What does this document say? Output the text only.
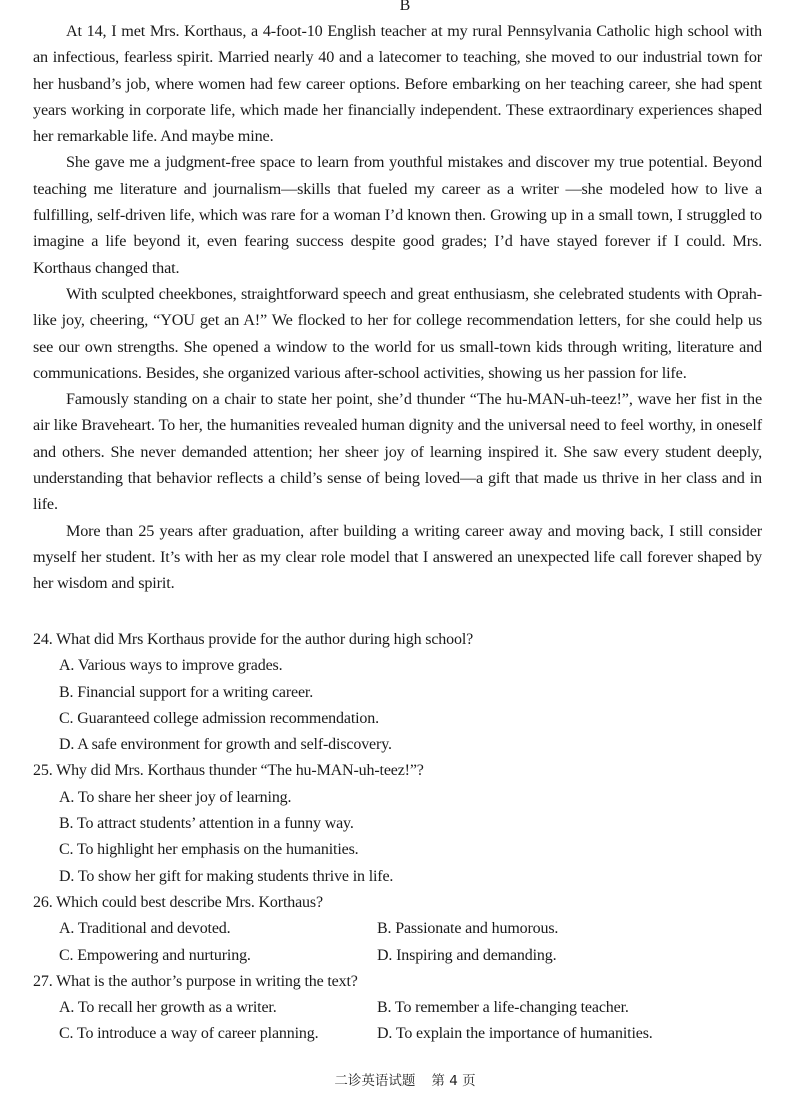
B

At 14, I met Mrs. Korthaus, a 4-foot-10 English teacher at my rural Pennsylvania Catholic high school with an infectious, fearless spirit. Married nearly 40 and a latecomer to teaching, she moved to our industrial town for her husband’s job, where women had few career options. Before embarking on her teaching career, she had spent years working in corporate life, which made her financially independent. These extraordinary experiences shaped her remarkable life. And maybe mine.

She gave me a judgment-free space to learn from youthful mistakes and discover my true potential. Beyond teaching me literature and journalism—skills that fueled my career as a writer —she modeled how to live a fulfilling, self-driven life, which was rare for a woman I’d known then. Growing up in a small town, I struggled to imagine a life beyond it, even fearing success despite good grades; I’d have stayed forever if I could. Mrs. Korthaus changed that.

With sculpted cheekbones, straightforward speech and great enthusiasm, she celebrated students with Oprah-like joy, cheering, “YOU get an A!” We flocked to her for college recommendation letters, for she could help us see our own strengths. She opened a window to the world for us small-town kids through writing, literature and communications. Besides, she organized various after-school activities, showing us her passion for life.

Famously standing on a chair to state her point, she’d thunder “The hu-MAN-uh-teez!”, wave her fist in the air like Braveheart. To her, the humanities revealed human dignity and the universal need to feel worthy, in oneself and others. She never demanded attention; her sheer joy of learning inspired it. She saw every student deeply, understanding that behavior reflects a child’s sense of being loved—a gift that made us thrive in her class and in life.

More than 25 years after graduation, after building a writing career away and moving back, I still consider myself her student. It’s with her as my clear role model that I answered an unexpected life call forever shaped by her wisdom and spirit.

24. What did Mrs Korthaus provide for the author during high school?

A. Various ways to improve grades.

B. Financial support for a writing career.

C. Guaranteed college admission recommendation.

D. A safe environment for growth and self-discovery.

25. Why did Mrs. Korthaus thunder “The hu-MAN-uh-teez!”?

A. To share her sheer joy of learning.

B. To attract students’ attention in a funny way.

C. To highlight her emphasis on the humanities.

D. To show her gift for making students thrive in life.

26. Which could best describe Mrs. Korthaus?

A. Traditional and devoted.	B. Passionate and humorous.
C. Empowering and nurturing.	D. Inspiring and demanding.

27. What is the author’s purpose in writing the text?

A. To recall her growth as a writer.	B. To remember a life-changing teacher.
C. To introduce a way of career planning.	D. To explain the importance of humanities.
二诊英语试题 第 4 页
